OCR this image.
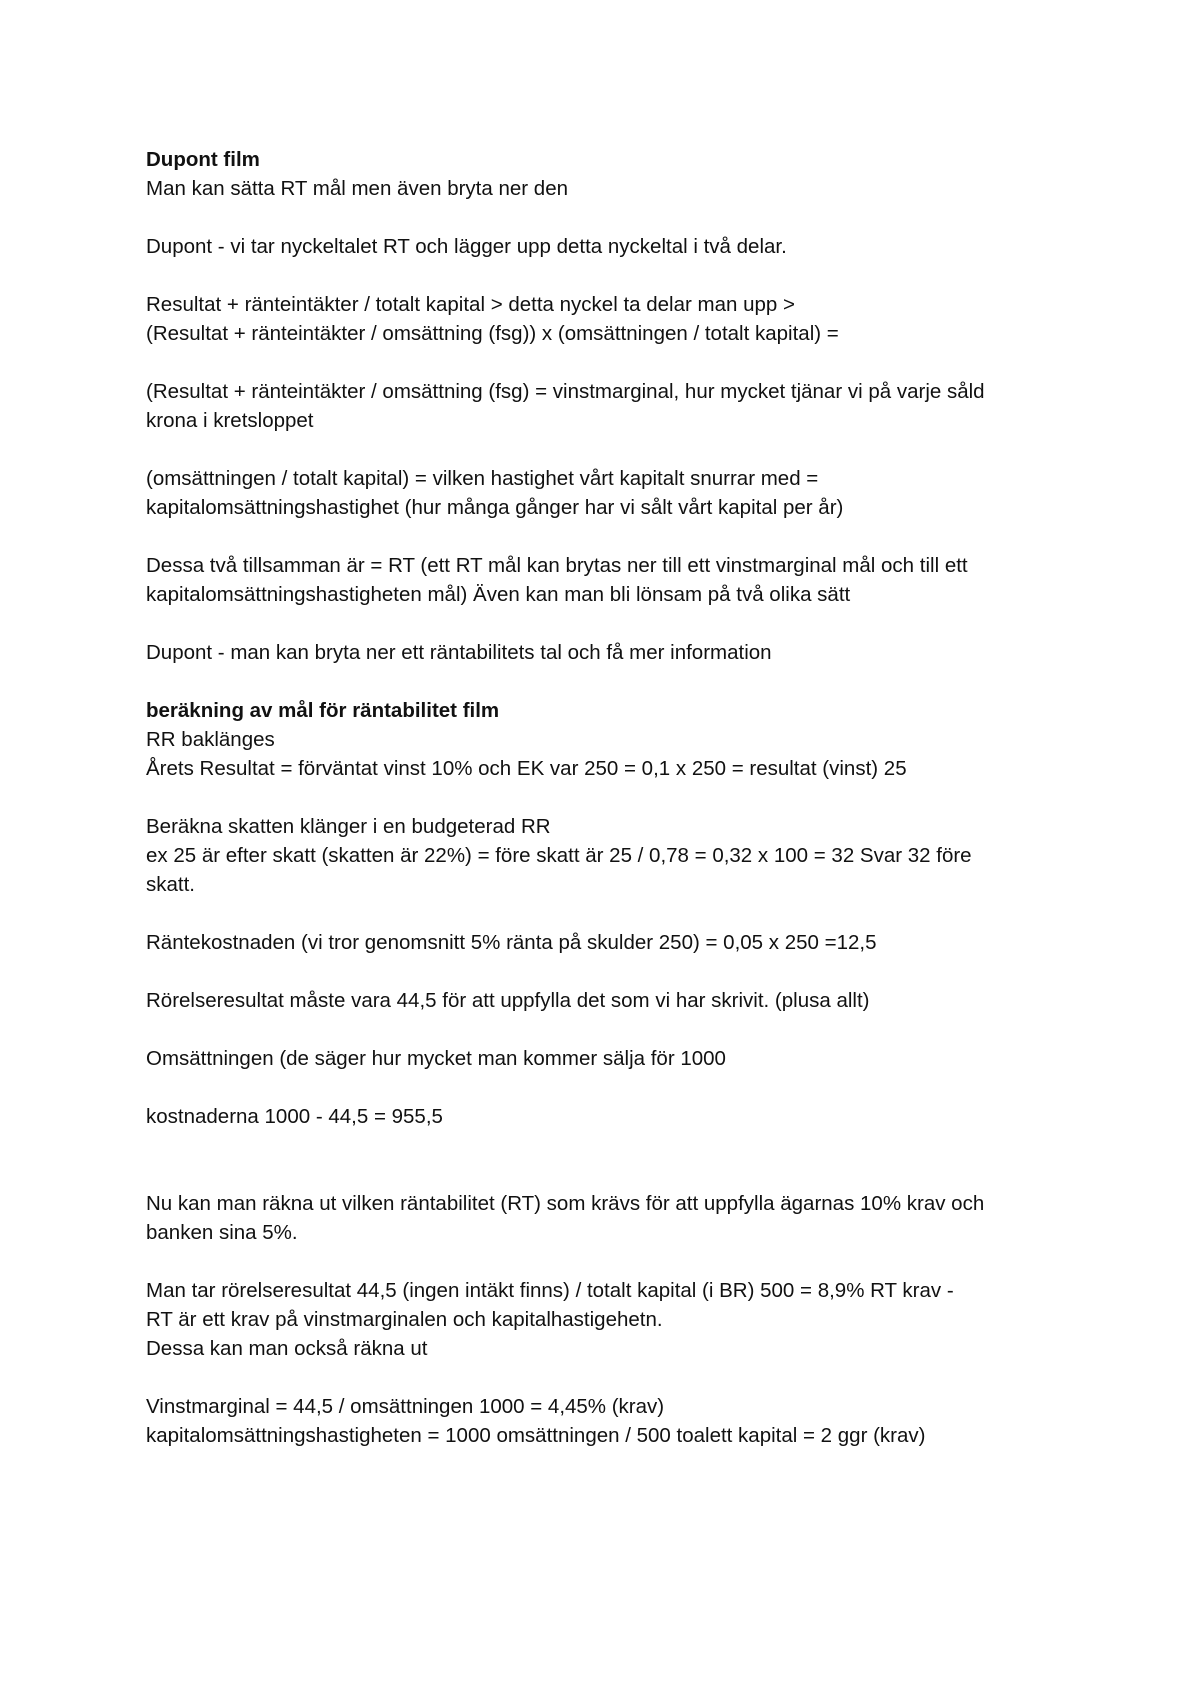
Dupont film
Man kan sätta RT mål men även bryta ner den
Dupont - vi tar nyckeltalet RT och lägger upp detta nyckeltal i två delar.
Resultat + ränteintäkter / totalt kapital > detta nyckel ta delar man upp >
(Resultat + ränteintäkter / omsättning (fsg)) x (omsättningen / totalt kapital) =
(Resultat + ränteintäkter / omsättning (fsg) = vinstmarginal, hur mycket tjänar vi på varje såld
krona i kretsloppet
(omsättningen / totalt kapital) = vilken hastighet vårt kapitalt snurrar med =
kapitalomsättningshastighet (hur många gånger har vi sålt vårt kapital per år)
Dessa två tillsamman är = RT (ett RT mål kan brytas ner till ett vinstmarginal mål och till ett
kapitalomsättningshastigheten mål) Även kan man bli lönsam på två olika sätt
Dupont - man kan bryta ner ett räntabilitets tal och få mer information
beräkning av mål för räntabilitet film
RR baklänges
Årets Resultat = förväntat vinst 10% och EK var 250 = 0,1 x 250 = resultat (vinst) 25
Beräkna skatten klänger i en budgeterad RR
ex 25 är efter skatt (skatten är 22%) = före skatt är 25 / 0,78 = 0,32 x 100 = 32 Svar 32 före
skatt.
Räntekostnaden (vi tror genomsnitt 5% ränta på skulder 250) = 0,05 x 250 =12,5
Rörelseresultat måste vara 44,5 för att uppfylla det som vi har skrivit. (plusa allt)
Omsättningen (de säger hur mycket man kommer sälja för 1000
kostnaderna 1000 - 44,5 = 955,5
Nu kan man räkna ut vilken räntabilitet (RT) som krävs för att uppfylla ägarnas 10% krav och
banken sina 5%.
Man tar rörelseresultat 44,5 (ingen intäkt finns) / totalt kapital (i BR) 500 = 8,9% RT krav -
RT är ett krav på vinstmarginalen och kapitalhastigehetn.
Dessa kan man också räkna ut
Vinstmarginal = 44,5 / omsättningen 1000 = 4,45% (krav)
kapitalomsättningshastigheten = 1000 omsättningen / 500 toalett kapital = 2 ggr (krav)
